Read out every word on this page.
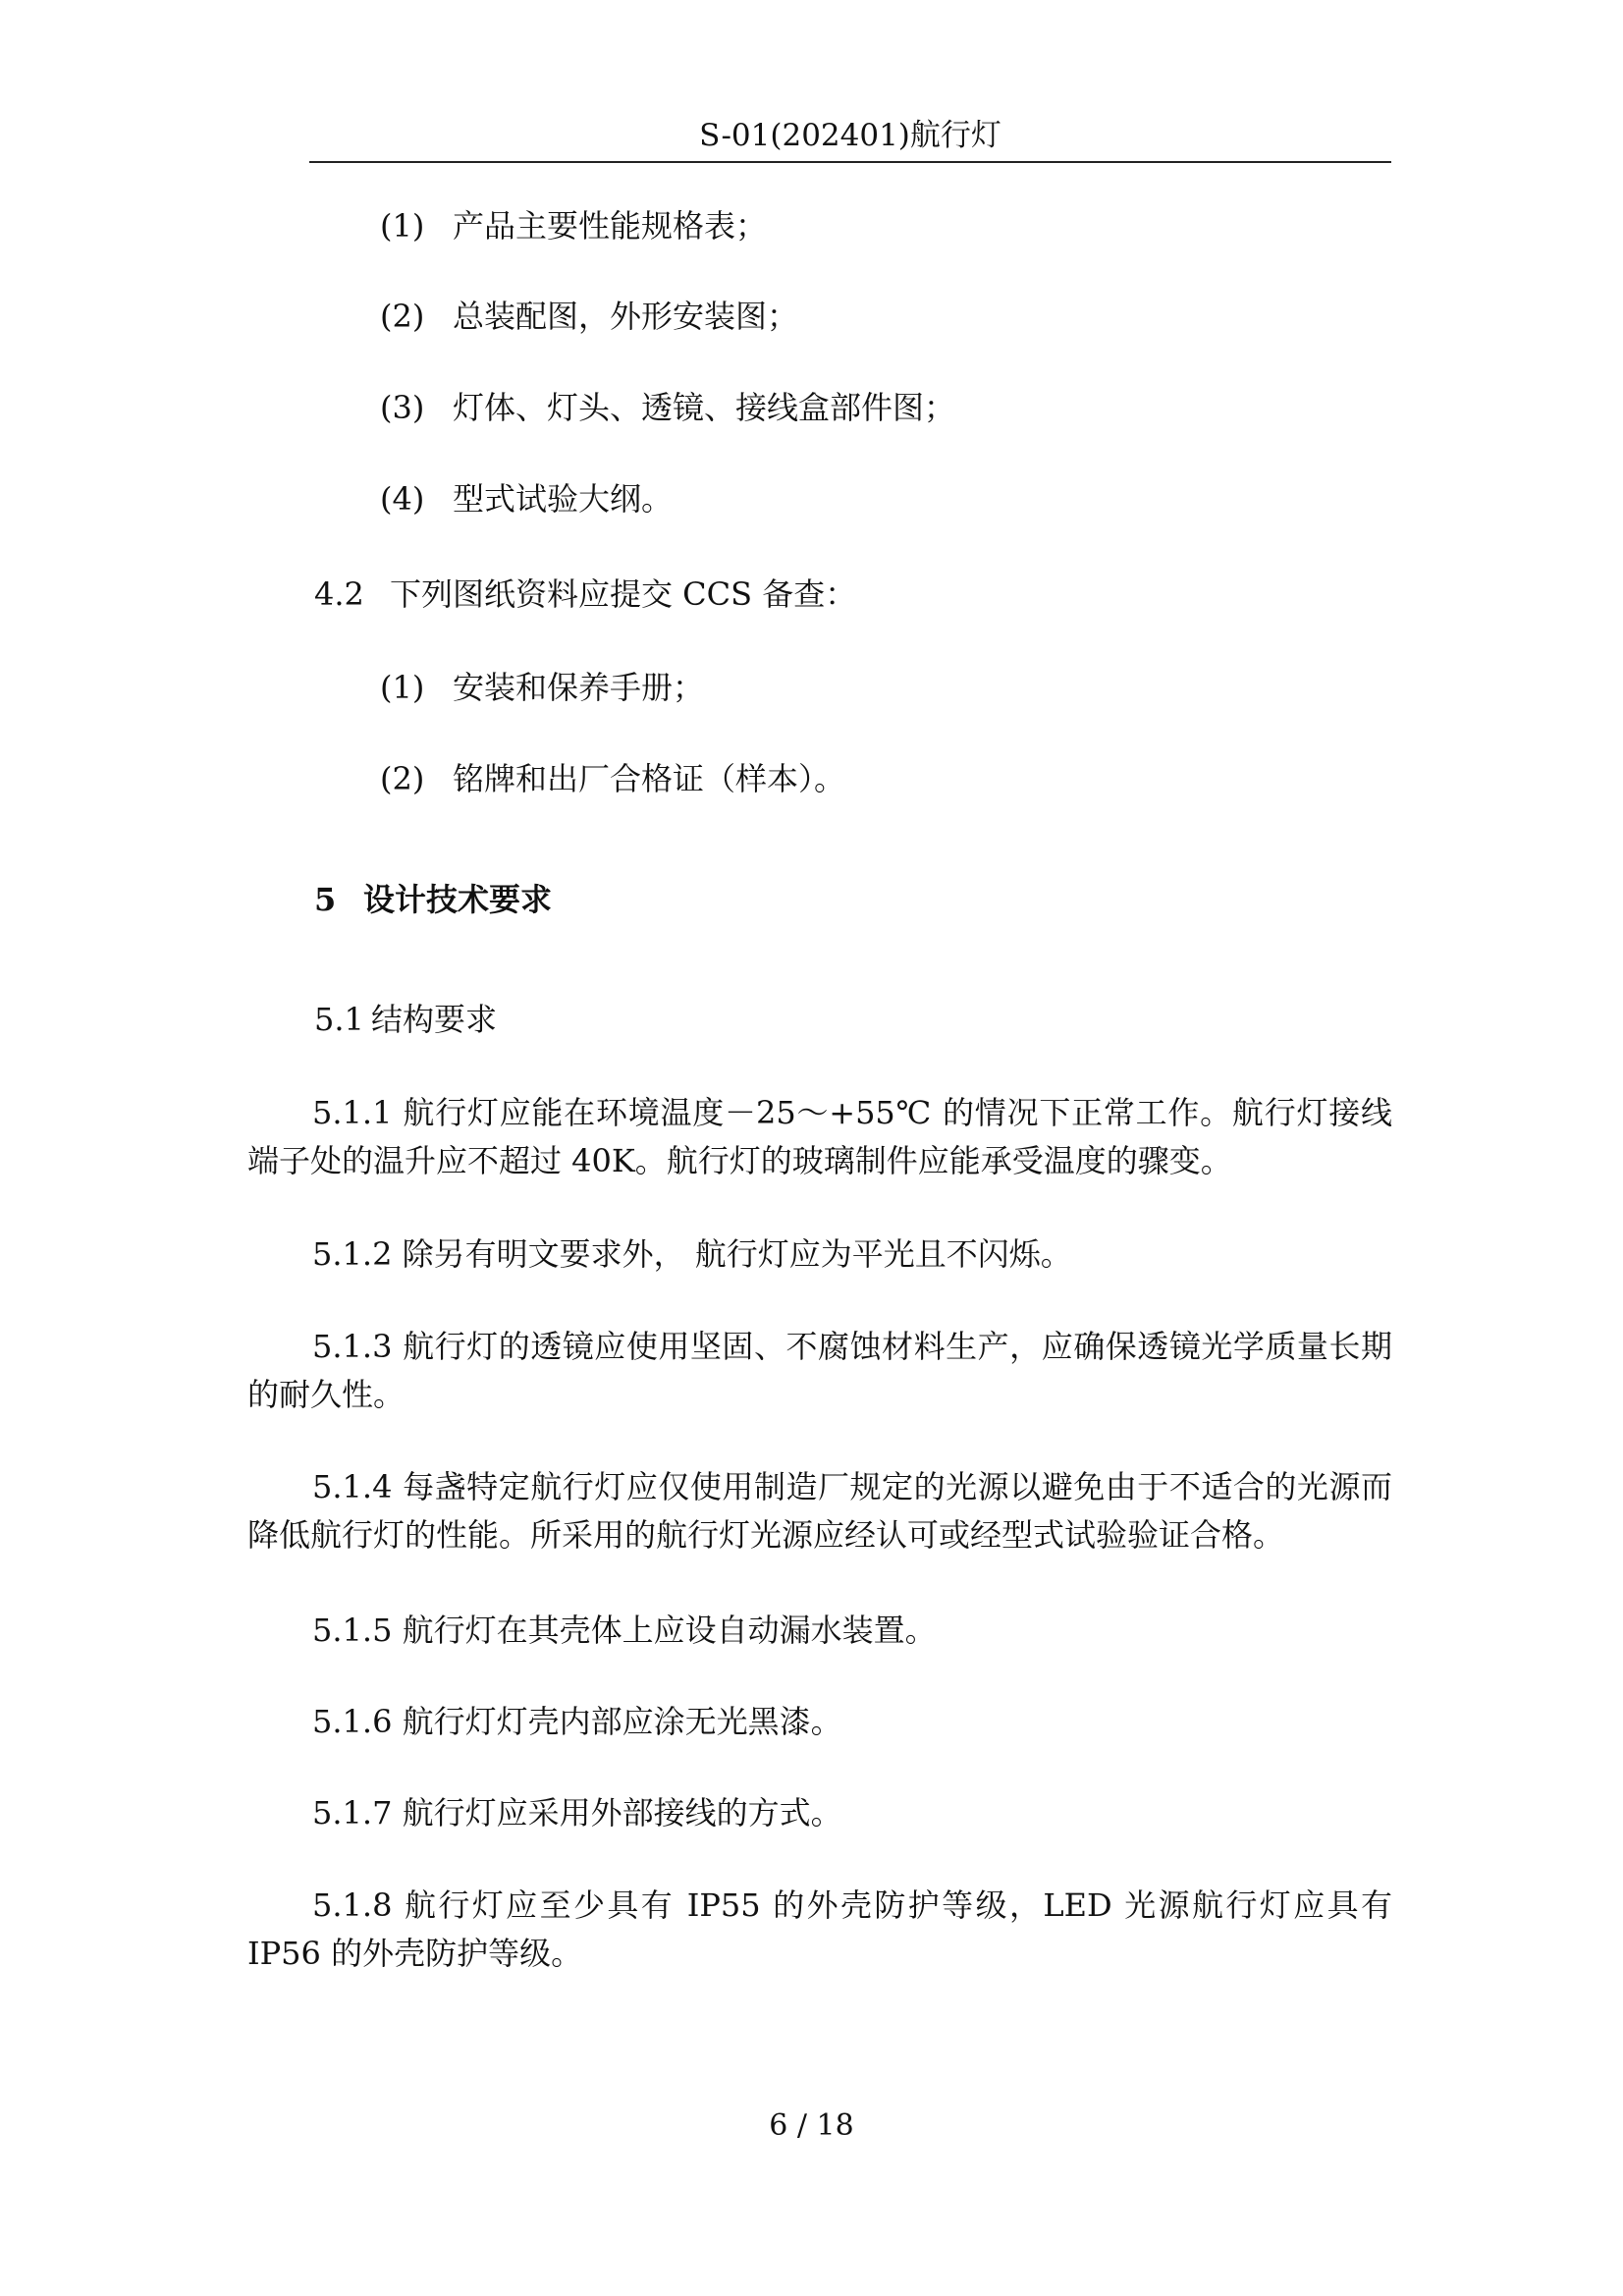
S-01(202401)航行灯
(1) 产品主要性能规格表；
(2) 总装配图，外形安装图；
(3) 灯体、灯头、透镜、接线盒部件图；
(4) 型式试验大纲。
4.2 下列图纸资料应提交 CCS 备查：
(1) 安装和保养手册；
(2) 铭牌和出厂合格证（样本）。
5 设计技术要求
5.1 结构要求
5.1.1 航行灯应能在环境温度－25～+55℃ 的情况下正常工作。航行灯接线端子处的温升应不超过 40K。航行灯的玻璃制件应能承受温度的骤变。
5.1.2 除另有明文要求外， 航行灯应为平光且不闪烁。
5.1.3 航行灯的透镜应使用坚固、不腐蚀材料生产，应确保透镜光学质量长期的耐久性。
5.1.4 每盏特定航行灯应仅使用制造厂规定的光源以避免由于不适合的光源而降低航行灯的性能。所采用的航行灯光源应经认可或经型式试验验证合格。
5.1.5 航行灯在其壳体上应设自动漏水装置。
5.1.6 航行灯灯壳内部应涂无光黑漆。
5.1.7 航行灯应采用外部接线的方式。
5.1.8 航行灯应至少具有 IP55 的外壳防护等级，LED 光源航行灯应具有 IP56 的外壳防护等级。
6 / 18
